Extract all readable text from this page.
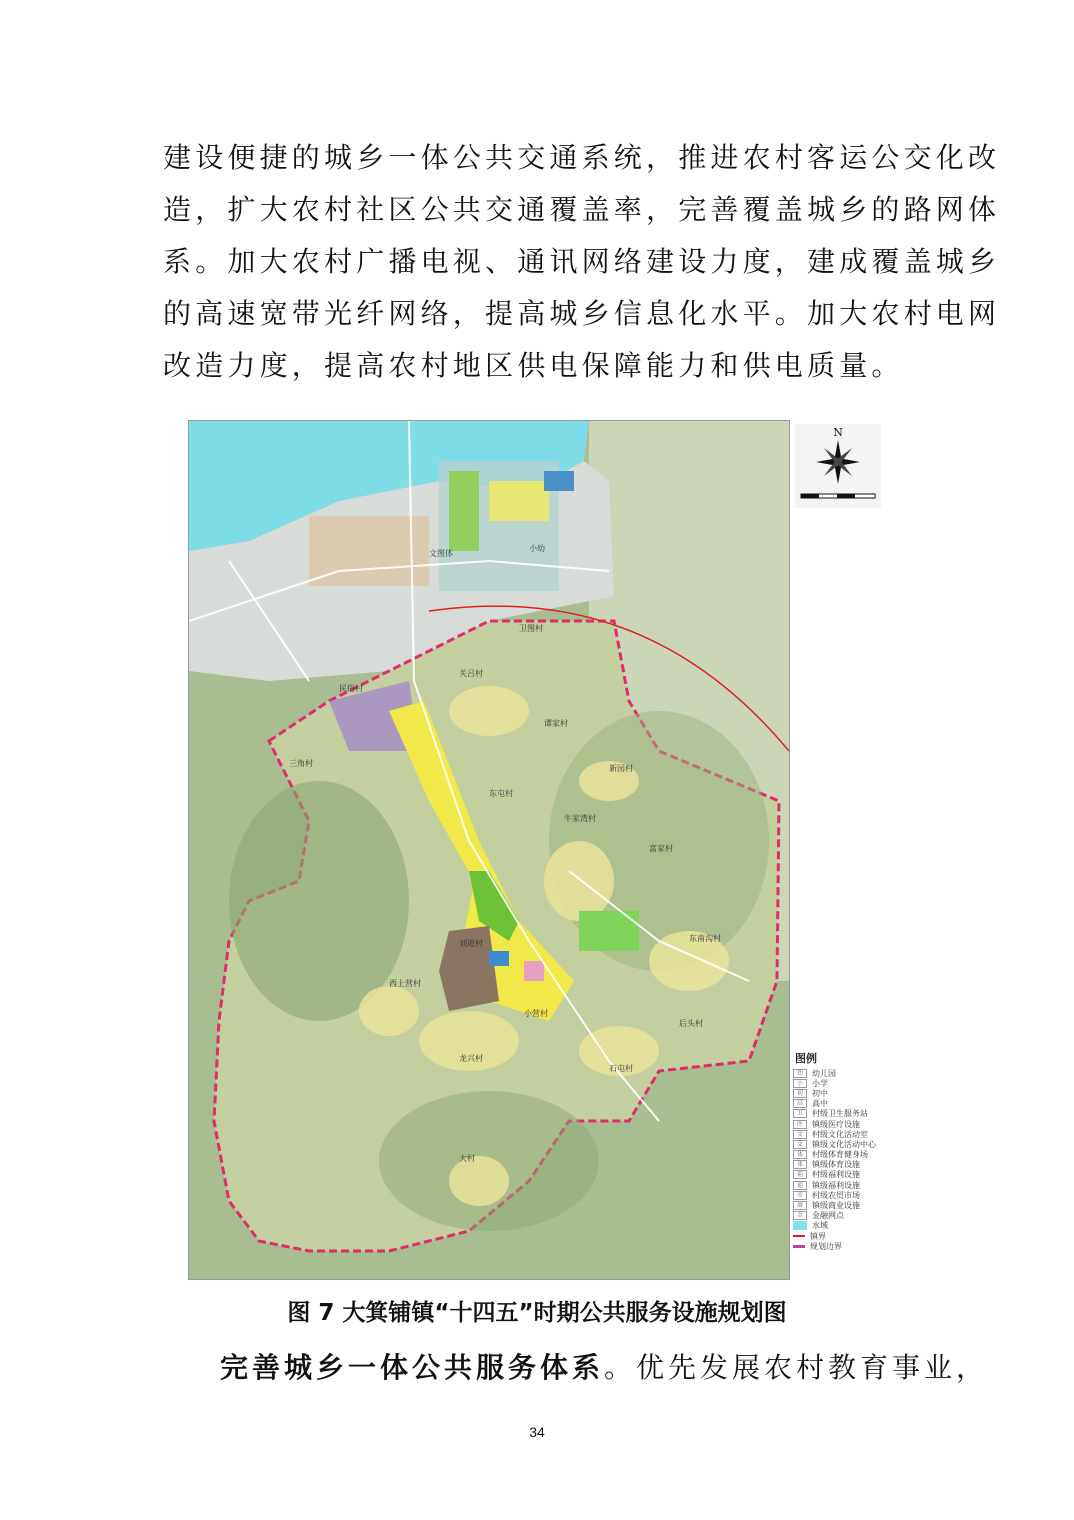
建设便捷的城乡一体公共交通系统，推进农村客运公交化改
造，扩大农村社区公共交通覆盖率，完善覆盖城乡的路网体
系。加大农村广播电视、通讯网络建设力度，建成覆盖城乡
的高速宽带光纤网络，提高城乡信息化水平。加大农村电网
改造力度，提高农村地区供电保障能力和供电质量。
文图体
小幼
卫图村
民俗村
三角村
关吕村
谭家村
新园村
东屯村
刘道村
牛家湾村
富家村
东南沟村
西上营村
小营村
龙兴村
后头村
石屯村
大村
N
图例
幼	幼儿园
小	小学
初	初中
高	高中
卫	村级卫生服务站
医	镇级医疗设施
文	村级文化活动室
文	镇级文化活动中心
体	村级体育健身场
体	镇级体育设施
福	村级福利设施
福	镇级福利设施
市	村级农贸市场
商	镇级商业设施
金	金融网点
水域
镇界
规划边界
图 7 大箕铺镇“十四五”时期公共服务设施规划图
完善城乡一体公共服务体系。优先发展农村教育事业，
34
